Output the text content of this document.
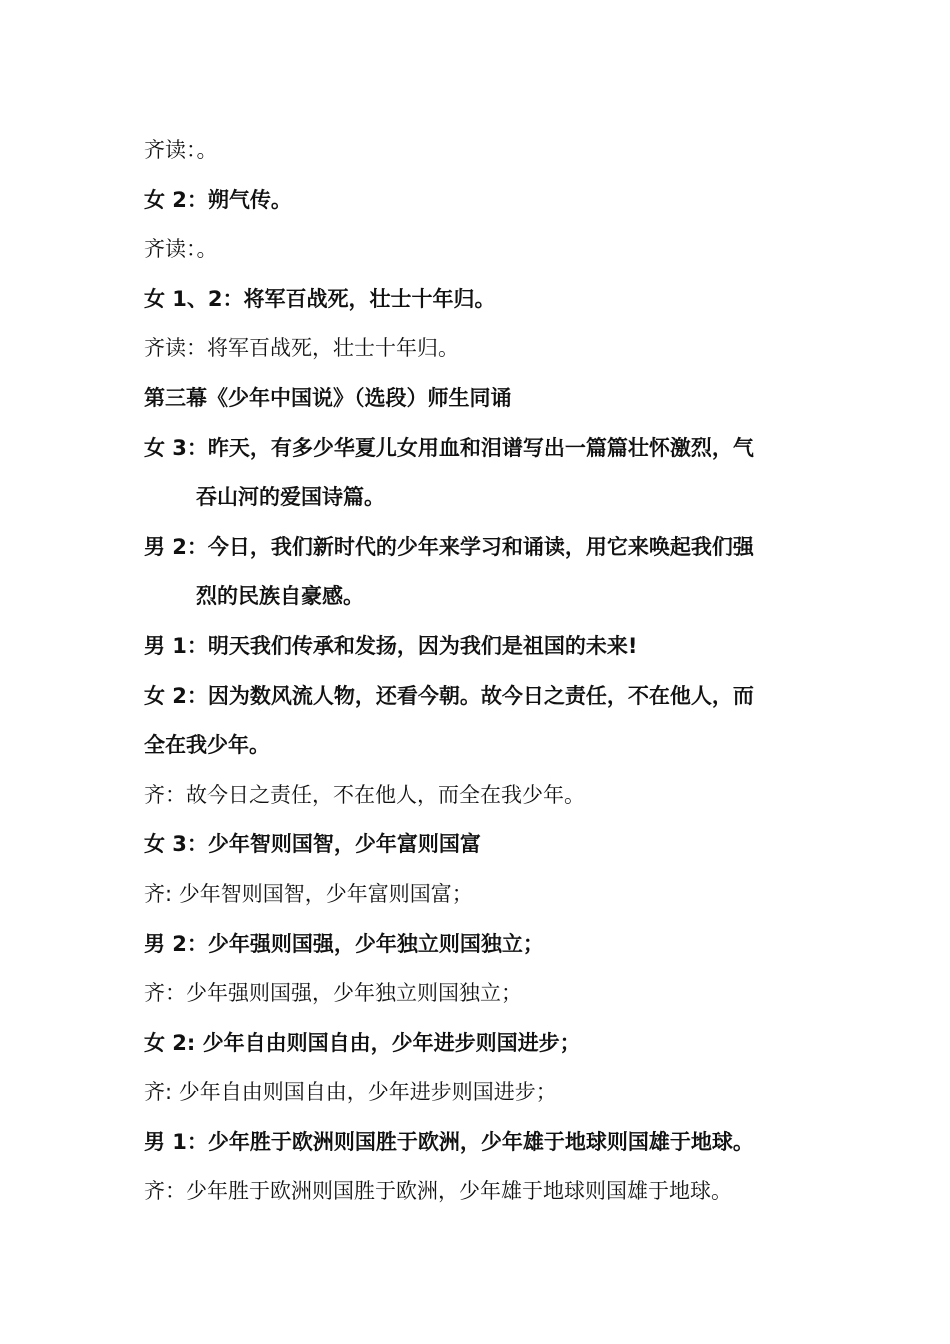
齐读：。
女 2：朔气传。
齐读：。
女 1、2：将军百战死，壮士十年归。
齐读：将军百战死，壮士十年归。
第三幕《少年中国说》（选段）师生同诵
女 3：昨天，有多少华夏儿女用血和泪谱写出一篇篇壮怀激烈，气
吞山河的爱国诗篇。
男 2：今日，我们新时代的少年来学习和诵读，用它来唤起我们强
烈的民族自豪感。
男 1：明天我们传承和发扬，因为我们是祖国的未来!
女 2：因为数风流人物，还看今朝。故今日之责任，不在他人，而
全在我少年。
齐：故今日之责任，不在他人，而全在我少年。
女 3：少年智则国智，少年富则国富
齐: 少年智则国智，少年富则国富；
男 2：少年强则国强，少年独立则国独立；
齐：少年强则国强，少年独立则国独立；
女 2: 少年自由则国自由，少年进步则国进步；
齐: 少年自由则国自由，少年进步则国进步；
男 1：少年胜于欧洲则国胜于欧洲，少年雄于地球则国雄于地球。
齐：少年胜于欧洲则国胜于欧洲，少年雄于地球则国雄于地球。
